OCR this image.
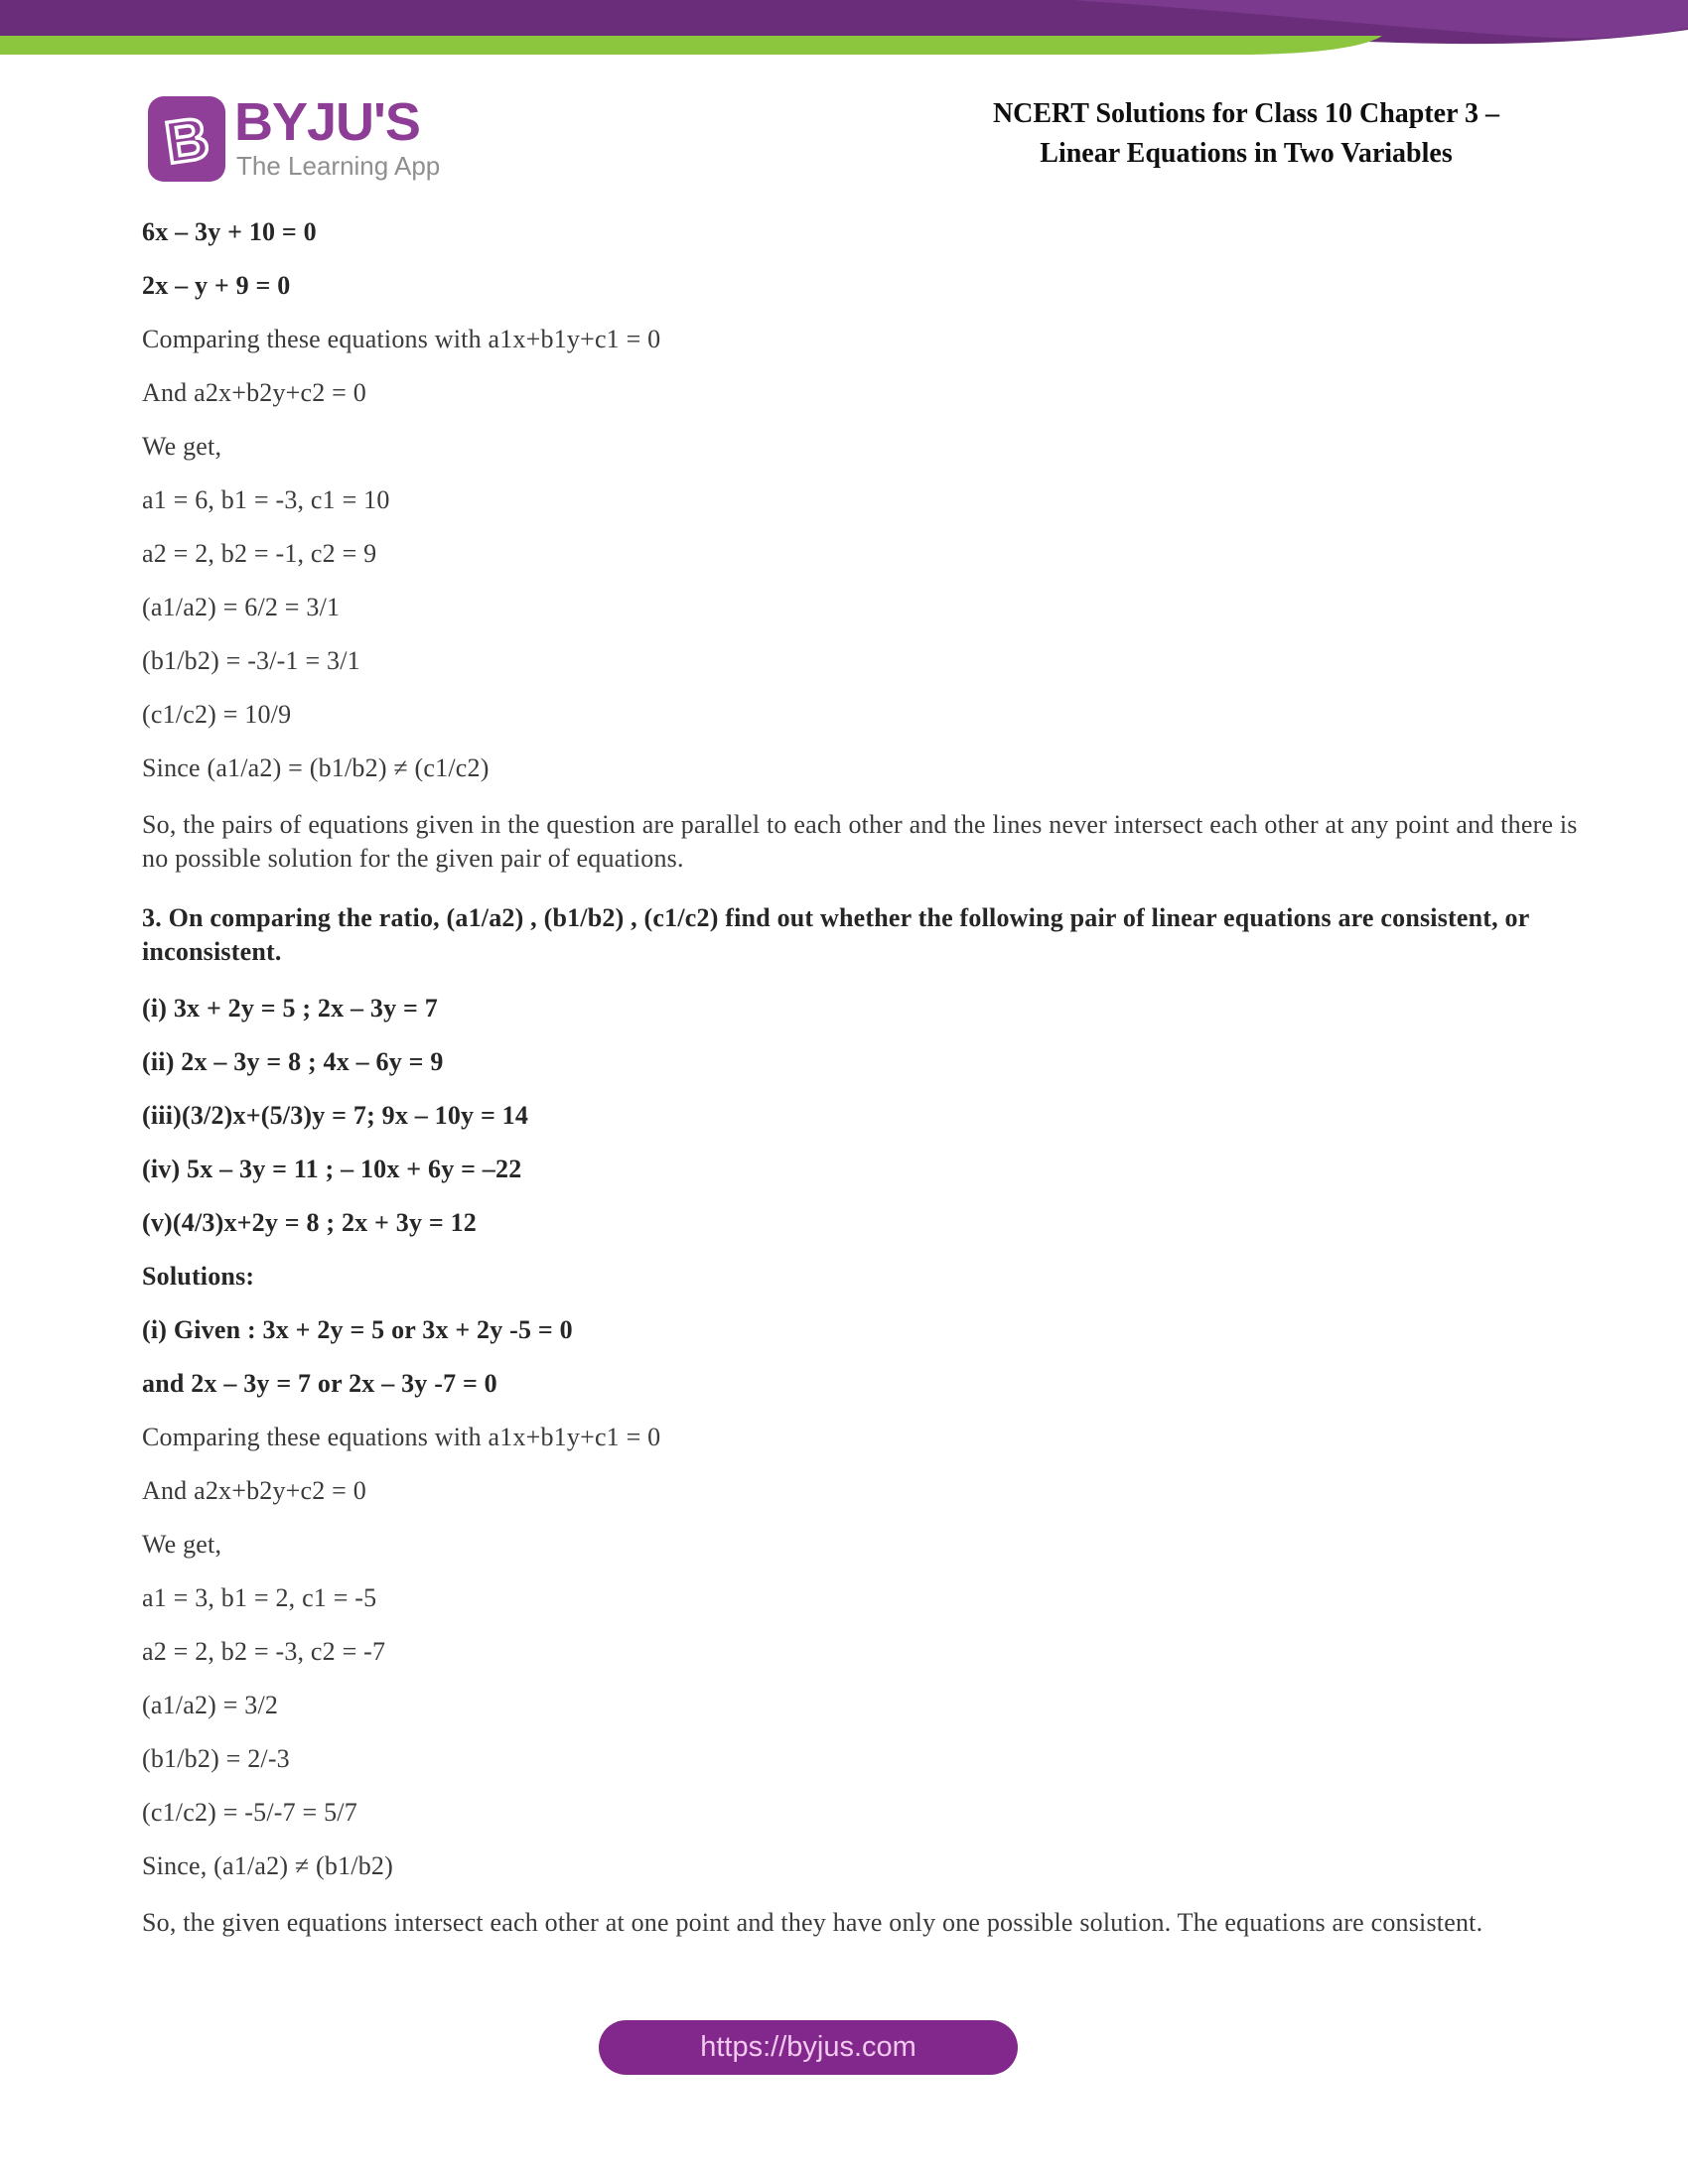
B BYJU'S
The Learning App
NCERT Solutions for Class 10 Chapter 3 –
Linear Equations in Two Variables
6x – 3y + 10 = 0
2x – y + 9 = 0
Comparing these equations with a1x+b1y+c1 = 0
And a2x+b2y+c2 = 0
We get,
a1 = 6, b1 = -3, c1 = 10
a2 = 2, b2 = -1, c2 = 9
(a1/a2) = 6/2 = 3/1
(b1/b2) = -3/-1 = 3/1
(c1/c2) = 10/9
Since (a1/a2) = (b1/b2) ≠ (c1/c2)
So, the pairs of equations given in the question are parallel to each other and the lines never intersect each other at any point and there is no possible solution for the given pair of equations.
3. On comparing the ratio, (a1/a2) , (b1/b2) , (c1/c2) find out whether the following pair of linear equations are consistent, or inconsistent.
(i) 3x + 2y = 5 ; 2x – 3y = 7
(ii) 2x – 3y = 8 ; 4x – 6y = 9
(iii)(3/2)x+(5/3)y = 7; 9x – 10y = 14
(iv) 5x – 3y = 11 ; – 10x + 6y = –22
(v)(4/3)x+2y = 8 ; 2x + 3y = 12
Solutions:
(i) Given : 3x + 2y = 5 or 3x + 2y -5 = 0
and 2x – 3y = 7 or 2x – 3y -7 = 0
Comparing these equations with a1x+b1y+c1 = 0
And a2x+b2y+c2 = 0
We get,
a1 = 3, b1 = 2, c1 = -5
a2 = 2, b2 = -3, c2 = -7
(a1/a2) = 3/2
(b1/b2) = 2/-3
(c1/c2) = -5/-7 = 5/7
Since, (a1/a2) ≠ (b1/b2)
So, the given equations intersect each other at one point and they have only one possible solution. The equations are consistent.
https://byjus.com
